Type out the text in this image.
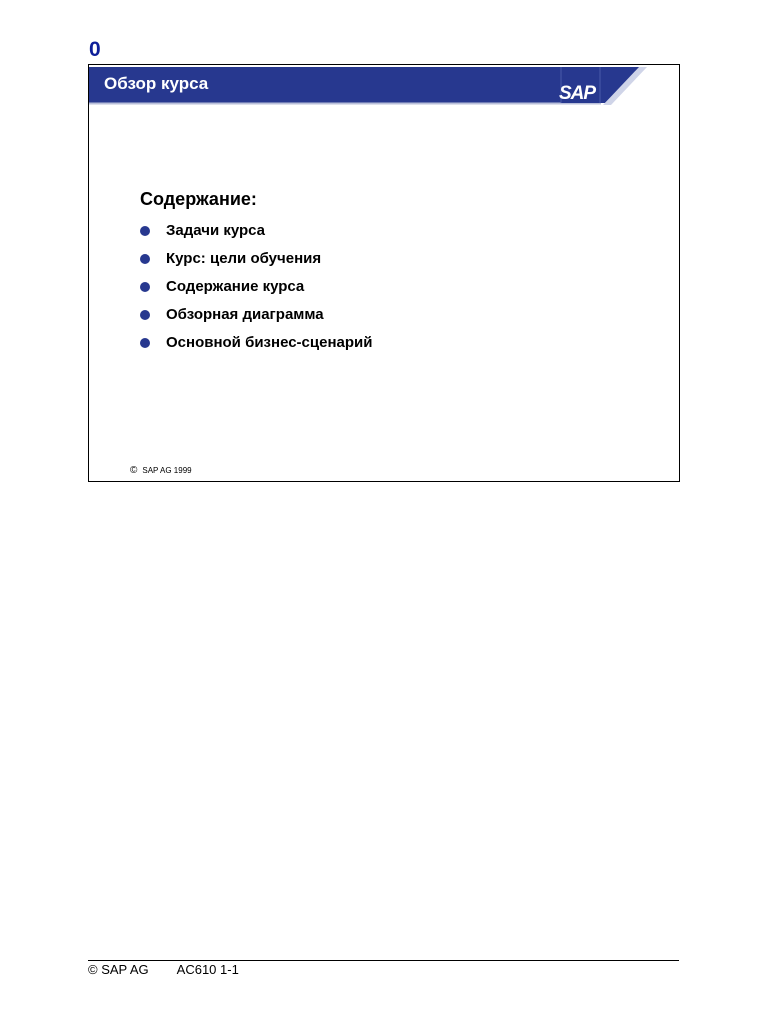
0
Обзор курса	SAP
Содержание:
Задачи курса
Курс: цели обучения
Содержание курса
Обзорная диаграмма
Основной бизнес-сценарий
© SAP AG 1999
© SAP AG AC610 1-1
